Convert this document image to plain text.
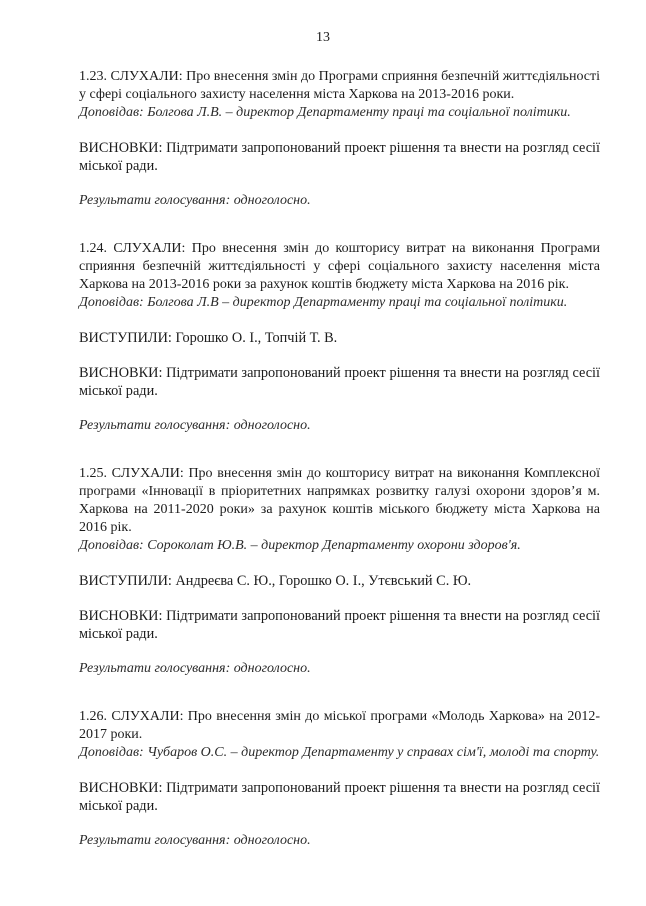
13

1.23. СЛУХАЛИ: Про внесення змін до Програми сприяння безпечній життєдіяльності у сфері соціального захисту населення міста Харкова на 2013-2016 роки.

Доповідав: Болгова Л.В. – директор Департаменту праці та соціальної політики.

ВИСНОВКИ: Підтримати запропонований проект рішення та внести на розгляд сесії міської ради.

Результати голосування: одноголосно.

1.24. СЛУХАЛИ: Про внесення змін до кошторису витрат на виконання Програми сприяння безпечній життєдіяльності у сфері соціального захисту населення міста Харкова на 2013-2016 роки за рахунок коштів бюджету міста Харкова на 2016 рік.

Доповідав: Болгова Л.В – директор Департаменту праці та соціальної політики.

ВИСТУПИЛИ: Горошко О. І., Топчій Т. В.

ВИСНОВКИ: Підтримати запропонований проект рішення та внести на розгляд сесії міської ради.

Результати голосування: одноголосно.

1.25. СЛУХАЛИ: Про внесення змін до кошторису витрат на виконання Комплексної програми «Інновації в пріоритетних напрямках розвитку галузі охорони здоров’я м. Харкова на 2011-2020 роки» за рахунок коштів міського бюджету міста Харкова на 2016 рік.

Доповідав: Сороколат Ю.В. – директор Департаменту охорони здоров'я.

ВИСТУПИЛИ: Андреєва С. Ю., Горошко О. І., Утєвський С. Ю.

ВИСНОВКИ: Підтримати запропонований проект рішення та внести на розгляд сесії міської ради.

Результати голосування: одноголосно.

1.26. СЛУХАЛИ: Про внесення змін до міської програми «Молодь Харкова» на 2012-2017 роки.

Доповідав: Чубаров О.С. – директор Департаменту у справах сім'ї, молоді та спорту.

ВИСНОВКИ: Підтримати запропонований проект рішення та внести на розгляд сесії міської ради.

Результати голосування: одноголосно.
